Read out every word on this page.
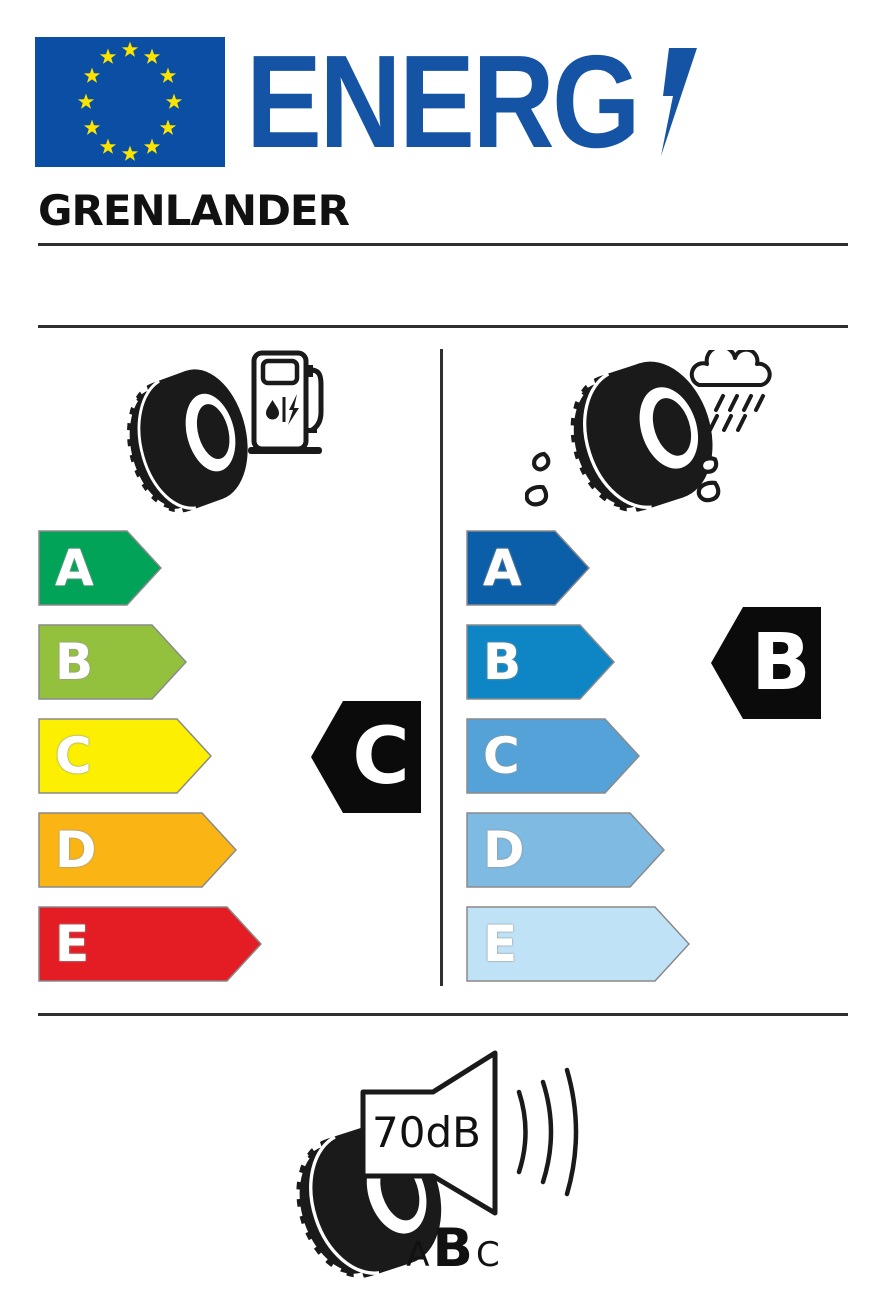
ENERG
GRENLANDER
A
B
C
D
E
A
B
C
D
E
C
B
70dB
A B C
